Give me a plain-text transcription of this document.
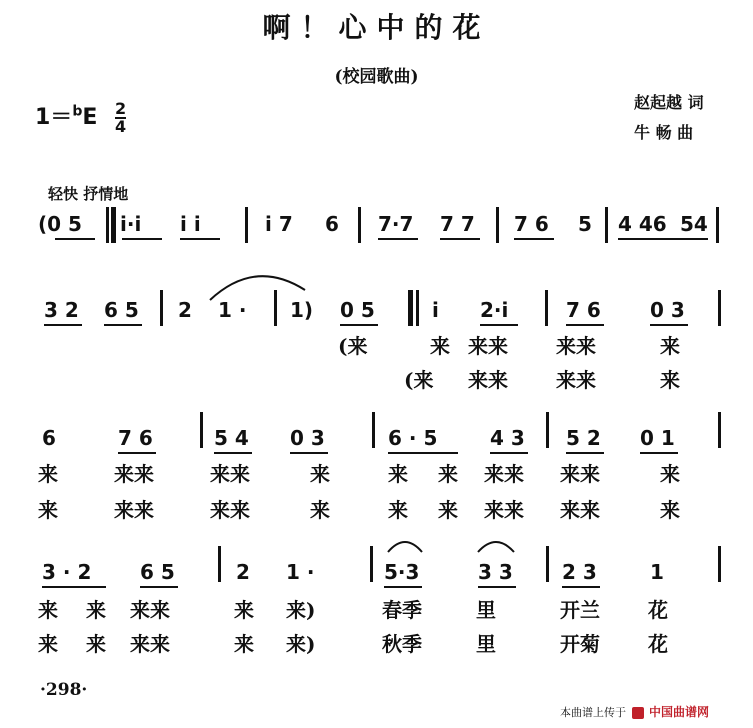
啊！心中的花
(校园歌曲)
$1=^bE \frac{2}{4}$	赵起越 词
牛 畅 曲
轻快 抒情地
(0 5 i·i i i	i 7 6 7·7 7 7 7 6 5 4 46 54
3 2 6 5 2 1 · 1) 0 5	i 2·i	7 6 0 3
(来	来 来来 来来	来
(来 来来 来来	来
6	7 6	5 4 0 3	6 · 5	4 3 5 2 0 1
来	来来	来来	来	来 来 来来 来来	来
来	来来	来来	来	来 来 来来 来来	来
3 · 2 6 5	2 1 ·	5·3	3 3 2 3	1
来 来 来来	来 来)	春季	里	开兰 花
来 来 来来	来 来)	秋季	里	开菊 花
·298·
本曲谱上传于 中国曲谱网
